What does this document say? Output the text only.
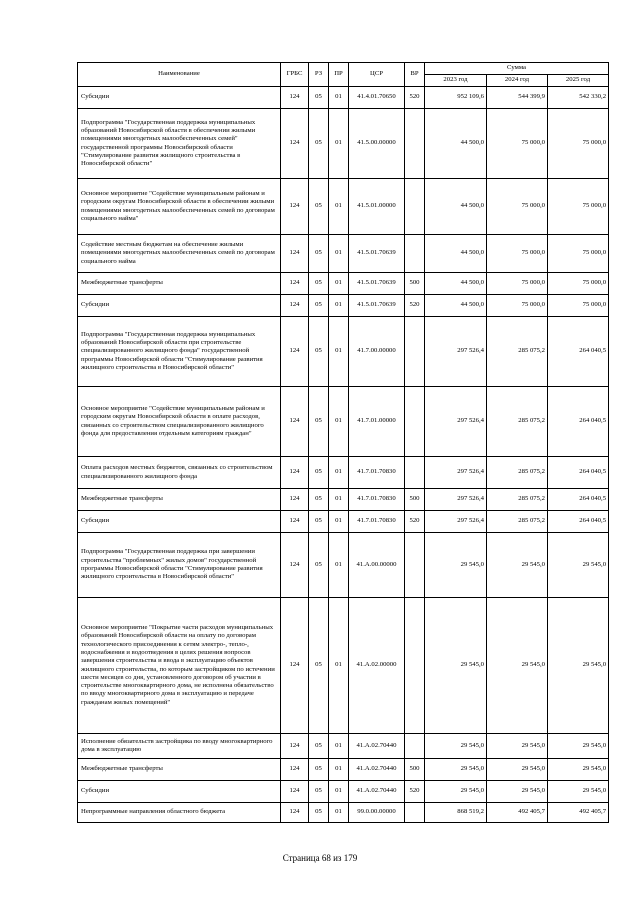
Наименование	ГРБС	РЗ	ПР	ЦСР	ВР	Сумма		
						2023 год	2024 год	2025 год
Субсидии	124	05	01	41.4.01.70650	520	952 109,6	544 399,9	542 330,2
Подпрограмма "Государственная поддержка муниципальных образований Новосибирской области в обеспечении жилыми помещениями многодетных малообеспеченных семей" государственной программы Новосибирской области "Стимулирование развития жилищного строительства в Новосибирской области"	124	05	01	41.5.00.00000		44 500,0	75 000,0	75 000,0
Основное мероприятие "Содействие муниципальным районам и городским округам Новосибирской области в обеспечении жилыми помещениями многодетных малообеспеченных семей по договорам социального найма"	124	05	01	41.5.01.00000		44 500,0	75 000,0	75 000,0
Содействие местным бюджетам на обеспечение жилыми помещениями многодетных малообеспеченных семей по договорам социального найма	124	05	01	41.5.01.70639		44 500,0	75 000,0	75 000,0
Межбюджетные трансферты	124	05	01	41.5.01.70639	500	44 500,0	75 000,0	75 000,0
Субсидии	124	05	01	41.5.01.70639	520	44 500,0	75 000,0	75 000,0
Подпрограмма "Государственная поддержка муниципальных образований Новосибирской области при строительстве специализированного жилищного фонда" государственной программы Новосибирской области "Стимулирование развития жилищного строительства в Новосибирской области"	124	05	01	41.7.00.00000		297 526,4	285 075,2	264 040,5
Основное мероприятие "Содействие муниципальным районам и городским округам Новосибирской области в оплате расходов, связанных со строительством специализированного жилищного фонда для предоставления отдельным категориям граждан"	124	05	01	41.7.01.00000		297 526,4	285 075,2	264 040,5
Оплата расходов местных бюджетов, связанных со строительством специализированного жилищного фонда	124	05	01	41.7.01.70830		297 526,4	285 075,2	264 040,5
Межбюджетные трансферты	124	05	01	41.7.01.70830	500	297 526,4	285 075,2	264 040,5
Субсидии	124	05	01	41.7.01.70830	520	297 526,4	285 075,2	264 040,5
Подпрограмма "Государственная поддержка при завершении строительства "проблемных" жилых домов" государственной программы Новосибирской области "Стимулирование развития жилищного строительства в Новосибирской области"	124	05	01	41.А.00.00000		29 545,0	29 545,0	29 545,0
Основное мероприятие "Покрытие части расходов муниципальных образований Новосибирской области на оплату по договорам технологического присоединения к сетям электро-, тепло-, водоснабжения и водоотведения в целях решения вопросов завершения строительства и ввода в эксплуатацию объектов жилищного строительства, по которым застройщиком по истечении шести месяцев со дня, установленного договором об участии в строительстве многоквартирного дома, не исполнена обязательство по вводу многоквартирного дома в эксплуатацию и передаче гражданам жилых помещений"	124	05	01	41.А.02.00000		29 545,0	29 545,0	29 545,0
Исполнение обязательств застройщика по вводу многоквартирного дома в эксплуатацию	124	05	01	41.А.02.70440		29 545,0	29 545,0	29 545,0
Межбюджетные трансферты	124	05	01	41.А.02.70440	500	29 545,0	29 545,0	29 545,0
Субсидии	124	05	01	41.А.02.70440	520	29 545,0	29 545,0	29 545,0
Непрограммные направления областного бюджета	124	05	01	99.0.00.00000		868 519,2	492 405,7	492 405,7
Страница 68 из 179
